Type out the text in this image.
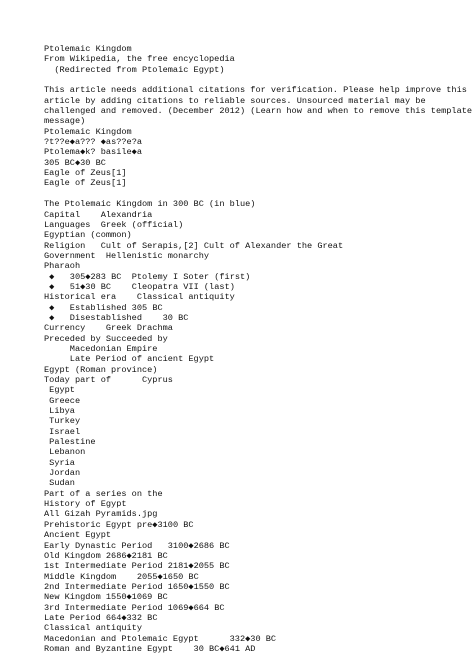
Ptolemaic Kingdom
From Wikipedia, the free encyclopedia
(Redirected from Ptolemaic Egypt)
This article needs additional citations for verification. Please help improve this
article by adding citations to reliable sources. Unsourced material may be
challenged and removed. (December 2012) (Learn how and when to remove this template
message)
Ptolemaic Kingdom
?t??e◆a??? ◆as??e?a
Ptolema◆k? basile◆a
305 BC◆30 BC
Eagle of Zeus[1]
Eagle of Zeus[1]
The Ptolemaic Kingdom in 300 BC (in blue)
Capital    Alexandria
Languages  Greek (official)
Egyptian (common)
Religion   Cult of Serapis,[2] Cult of Alexander the Great
Government  Hellenistic monarchy
Pharaoh
◆   305◆283 BC  Ptolemy I Soter (first)
◆   51◆30 BC    Cleopatra VII (last)
Historical era    Classical antiquity
◆   Established 305 BC
◆   Disestablished    30 BC
Currency    Greek Drachma
Preceded by Succeeded by
Macedonian Empire
Late Period of ancient Egypt
Egypt (Roman province)
Today part of      Cyprus
Egypt
Greece
Libya
Turkey
Israel
Palestine
Lebanon
Syria
Jordan
Sudan
Part of a series on the
History of Egypt
All Gizah Pyramids.jpg
Prehistoric Egypt pre◆3100 BC
Ancient Egypt
Early Dynastic Period   3100◆2686 BC
Old Kingdom 2686◆2181 BC
1st Intermediate Period 2181◆2055 BC
Middle Kingdom    2055◆1650 BC
2nd Intermediate Period 1650◆1550 BC
New Kingdom 1550◆1069 BC
3rd Intermediate Period 1069◆664 BC
Late Period 664◆332 BC
Classical antiquity
Macedonian and Ptolemaic Egypt      332◆30 BC
Roman and Byzantine Egypt    30 BC◆641 AD
